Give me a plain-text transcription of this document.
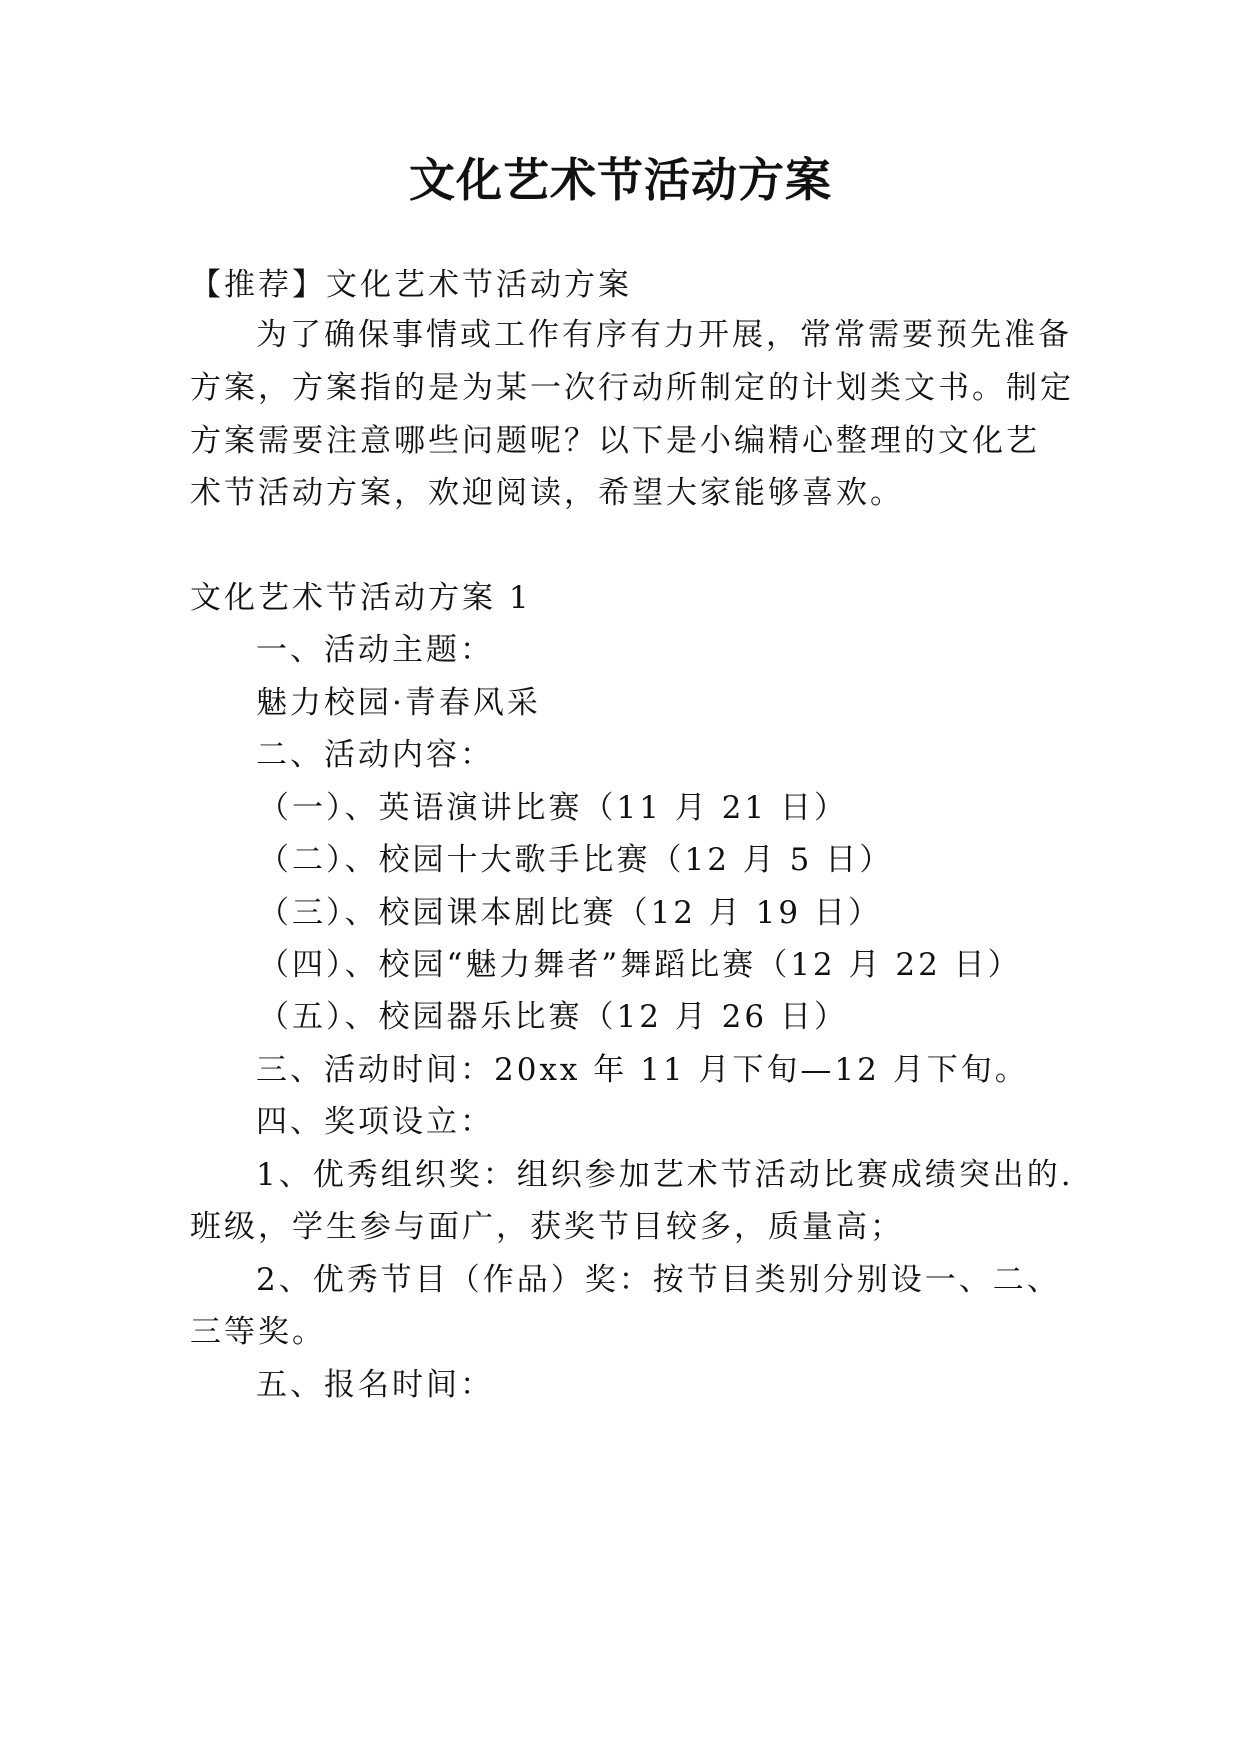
文化艺术节活动方案
【推荐】文化艺术节活动方案
为了确保事情或工作有序有力开展，常常需要预先准备
方案，方案指的是为某一次行动所制定的计划类文书。制定
方案需要注意哪些问题呢？以下是小编精心整理的文化艺
术节活动方案，欢迎阅读，希望大家能够喜欢。
文化艺术节活动方案 1
一、活动主题：
魅力校园·青春风采
二、活动内容：
（一）、英语演讲比赛（11 月 21 日）
（二）、校园十大歌手比赛（12 月 5 日）
（三）、校园课本剧比赛（12 月 19 日）
（四）、校园“魅力舞者”舞蹈比赛（12 月 22 日）
（五）、校园器乐比赛（12 月 26 日）
三、活动时间：20xx 年 11 月下旬—12 月下旬。
四、奖项设立：
1、优秀组织奖：组织参加艺术节活动比赛成绩突出的.
班级，学生参与面广，获奖节目较多，质量高；
2、优秀节目（作品）奖：按节目类别分别设一、二、
三等奖。
五、报名时间：
